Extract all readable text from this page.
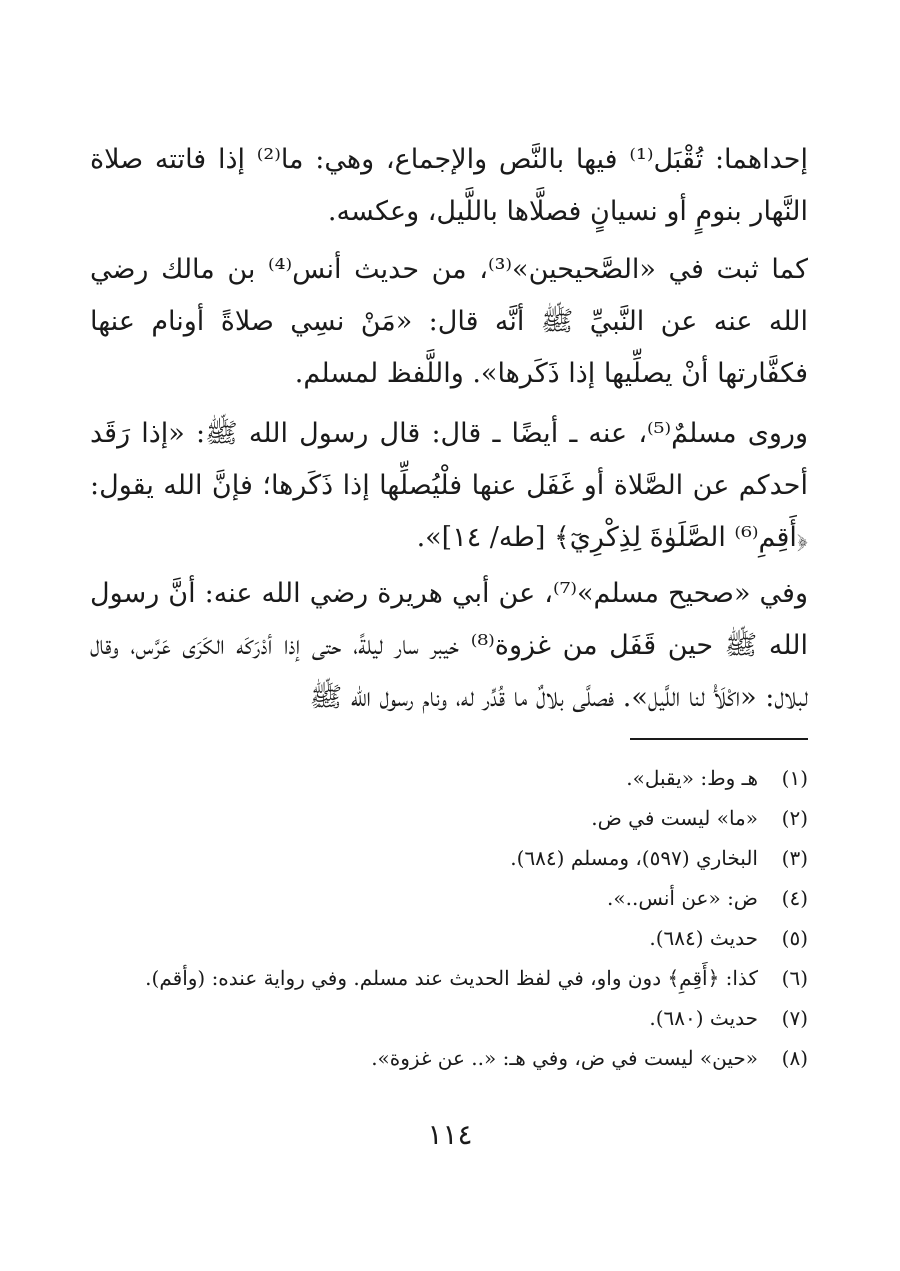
إحداهما: تُقْبَل⁽¹⁾ فيها بالنَّص والإجماع، وهي: ما⁽²⁾ إذا فاتته صلاة النَّهار بنومٍ أو نسيانٍ فصلَّاها باللَّيل، وعكسه.

كما ثبت في «الصَّحيحين»⁽³⁾، من حديث أنس⁽⁴⁾ بن مالك رضي الله عنه عن النَّبيِّ ﷺ أنَّه قال: «مَنْ نسِي صلاةً أونام عنها فكفَّارتها أنْ يصلِّيها إذا ذَكَرها». واللَّفظ لمسلم.

وروى مسلمٌ⁽⁵⁾، عنه ـ أيضًا ـ قال: قال رسول الله ﷺ: «إذا رَقَد أحدكم عن الصَّلاة أو غَفَل عنها فلْيُصلِّها إذا ذَكَرها؛ فإنَّ الله يقول: ﴿أَقِمِ⁽⁶⁾ الصَّلَوٰةَ لِذِكْرِيٓ﴾ [طه/ ١٤]».

وفي «صحيح مسلم»⁽⁷⁾، عن أبي هريرة رضي الله عنه: أنَّ رسول الله ﷺ حين قَفَل من غزوة⁽⁸⁾ خيبر سار ليلةً، حتى إذا أدْرَكَه الكَرَى عَرَّس، وقال لبلال: «اكْلَأْ لنا اللَّيل». فصلَّى بلالٌ ما قُدِّر له، ونام رسول الله ﷺ

(١)
هـ وط: «يقبل».
(٢)
«ما» ليست في ض.
(٣)
البخاري (٥٩٧)، ومسلم (٦٨٤).
(٤)
ض: «عن أنس..».
(٥)
حديث (٦٨٤).
(٦)
كذا: ﴿أَقِمِ﴾ دون واو، في لفظ الحديث عند مسلم. وفي رواية عنده: (وأقم).
(٧)
حديث (٦٨٠).
(٨)
«حين» ليست في ض، وفي هـ: «.. عن غزوة».
١١٤
